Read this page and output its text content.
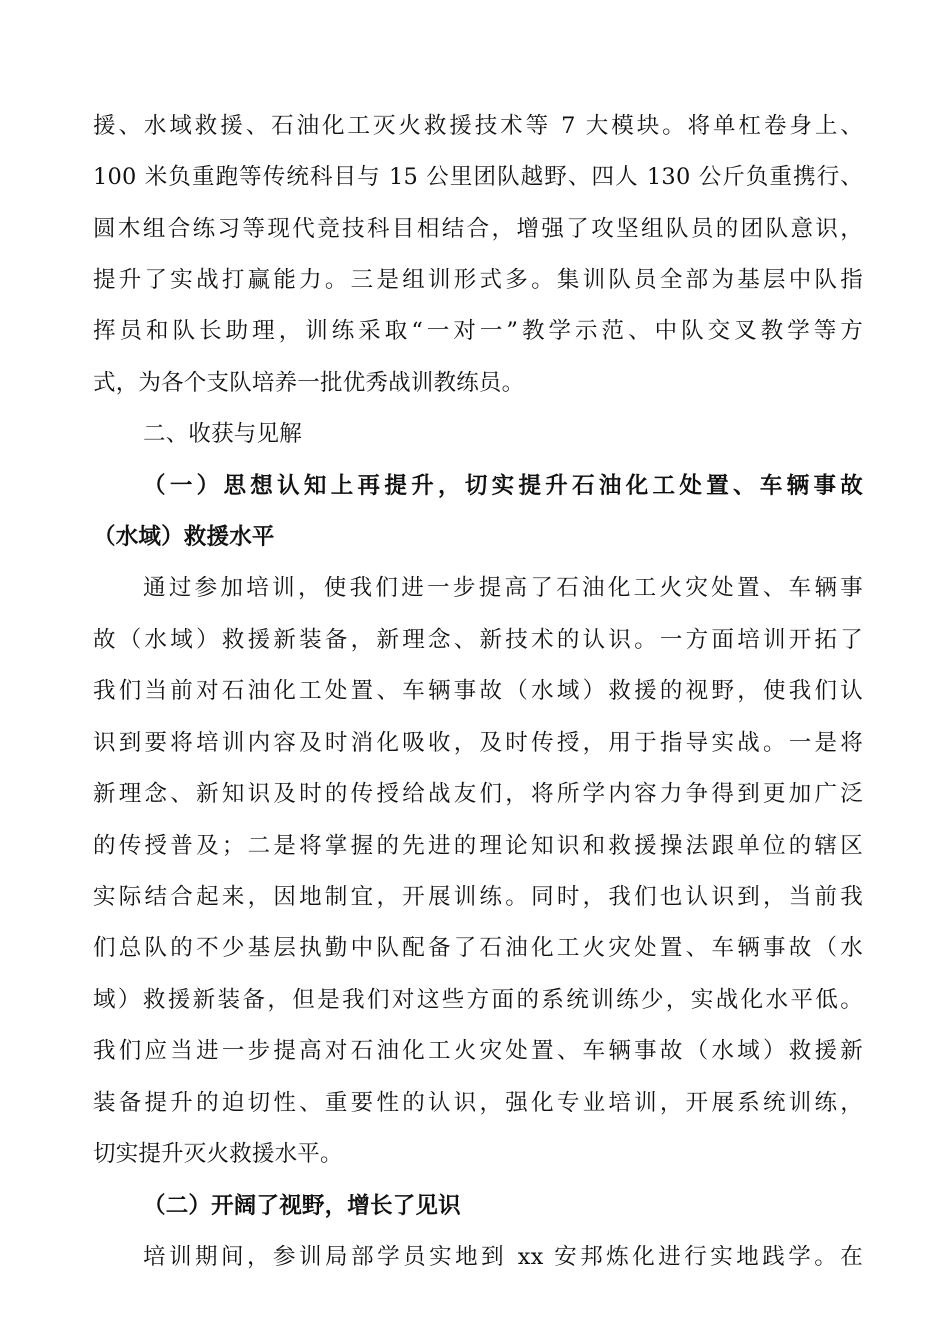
援、水域救援、石油化工灭火救援技术等 7 大模块。将单杠卷身上、
100 米负重跑等传统科目与 15 公里团队越野、四人 130 公斤负重携行、
圆木组合练习等现代竞技科目相结合，增强了攻坚组队员的团队意识，
提升了实战打赢能力。三是组训形式多。集训队员全部为基层中队指
挥员和队长助理，训练采取“一对一”教学示范、中队交叉教学等方
式，为各个支队培养一批优秀战训教练员。
二、收获与见解
（一）思想认知上再提升，切实提升石油化工处置、车辆事故
（水域）救援水平
通过参加培训，使我们进一步提高了石油化工火灾处置、车辆事
故（水域）救援新装备，新理念、新技术的认识。一方面培训开拓了
我们当前对石油化工处置、车辆事故（水域）救援的视野，使我们认
识到要将培训内容及时消化吸收，及时传授，用于指导实战。一是将
新理念、新知识及时的传授给战友们，将所学内容力争得到更加广泛
的传授普及；二是将掌握的先进的理论知识和救援操法跟单位的辖区
实际结合起来，因地制宜，开展训练。同时，我们也认识到，当前我
们总队的不少基层执勤中队配备了石油化工火灾处置、车辆事故（水
域）救援新装备，但是我们对这些方面的系统训练少，实战化水平低。
我们应当进一步提高对石油化工火灾处置、车辆事故（水域）救援新
装备提升的迫切性、重要性的认识，强化专业培训，开展系统训练，
切实提升灭火救援水平。
（二）开阔了视野，增长了见识
培训期间，参训局部学员实地到 xx 安邦炼化进行实地践学。在
